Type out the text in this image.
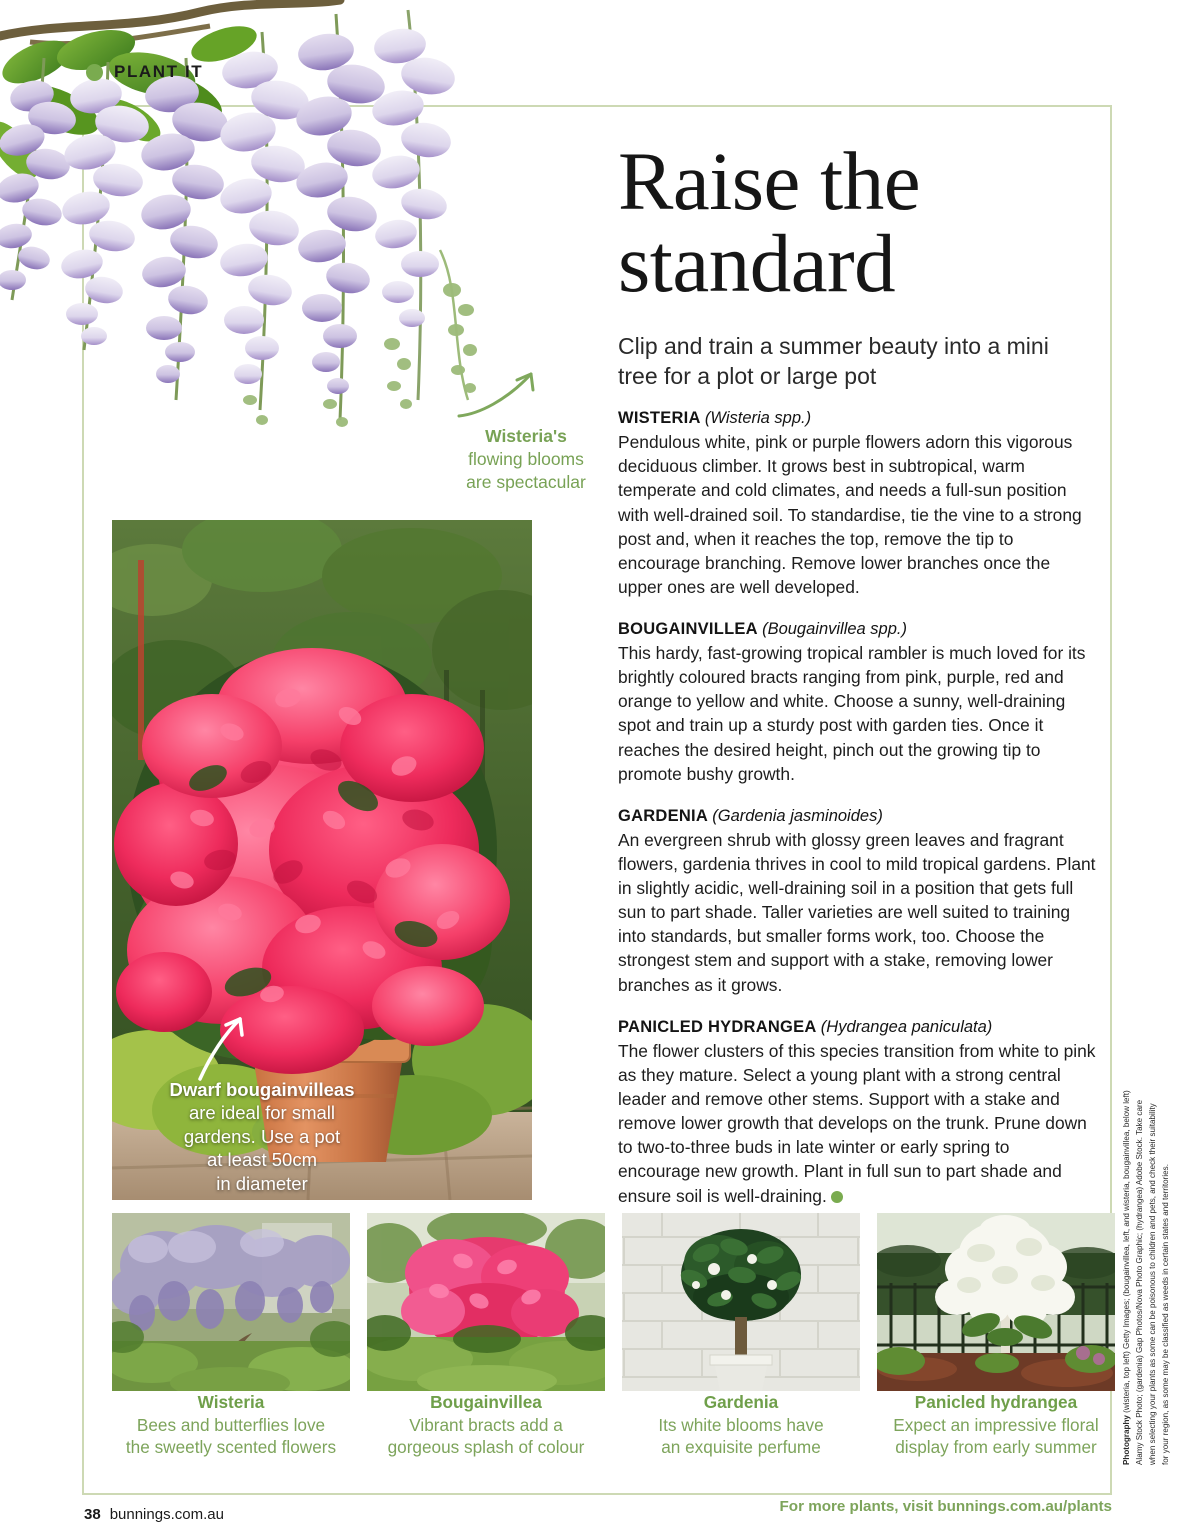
Wisteria's
flowing blooms
are spectacular
PLANT IT
Raise the
standard

Clip and train a summer beauty into a mini tree for a plot or large pot

WISTERIA (Wisteria spp.)

Pendulous white, pink or purple flowers adorn this vigorous deciduous climber. It grows best in subtropical, warm temperate and cold climates, and needs a full-sun position with well-drained soil. To standardise, tie the vine to a strong post and, when it reaches the top, remove the tip to encourage branching. Remove lower branches once the upper ones are well developed.

BOUGAINVILLEA (Bougainvillea spp.)

This hardy, fast-growing tropical rambler is much loved for its brightly coloured bracts ranging from pink, purple, red and orange to yellow and white. Choose a sunny, well-draining spot and train up a sturdy post with garden ties. Once it reaches the desired height, pinch out the growing tip to promote bushy growth.

GARDENIA (Gardenia jasminoides)

An evergreen shrub with glossy green leaves and fragrant flowers, gardenia thrives in cool to mild tropical gardens. Plant in slightly acidic, well-draining soil in a position that gets full sun to part shade. Taller varieties are well suited to training into standards, but smaller forms work, too. Choose the strongest stem and support with a stake, removing lower branches as it grows.

PANICLED HYDRANGEA (Hydrangea paniculata)

The flower clusters of this species transition from white to pink as they mature. Select a young plant with a strong central leader and remove other stems. Support with a stake and remove lower growth that develops on the trunk. Prune down to two-to-three buds in late winter or early spring to encourage new growth. Plant in full sun to part shade and ensure soil is well-draining.

Dwarf bougainvilleas
are ideal for small
gardens. Use a pot
at least 50cm
in diameter
Wisteria
Bees and butterflies love
the sweetly scented flowers
Bougainvillea
Vibrant bracts add a
gorgeous splash of colour
Gardenia
Its white blooms have
an exquisite perfume
Panicled hydrangea
Expect an impressive floral
display from early summer	Photography (wisteria, top left) Getty Images; (bougainvillea, left, and wisteria, bougainvillea, below left) Alamy Stock Photo; (gardenia) Gap Photos/Nova Photo Graphic; (hydrangea) Adobe Stock. Take care when selecting your plants as some can be poisonous to children and pets, and check their suitability for your region, as some may be classified as weeds in certain states and territories.
38 bunnings.com.au	For more plants, visit bunnings.com.au/plants
